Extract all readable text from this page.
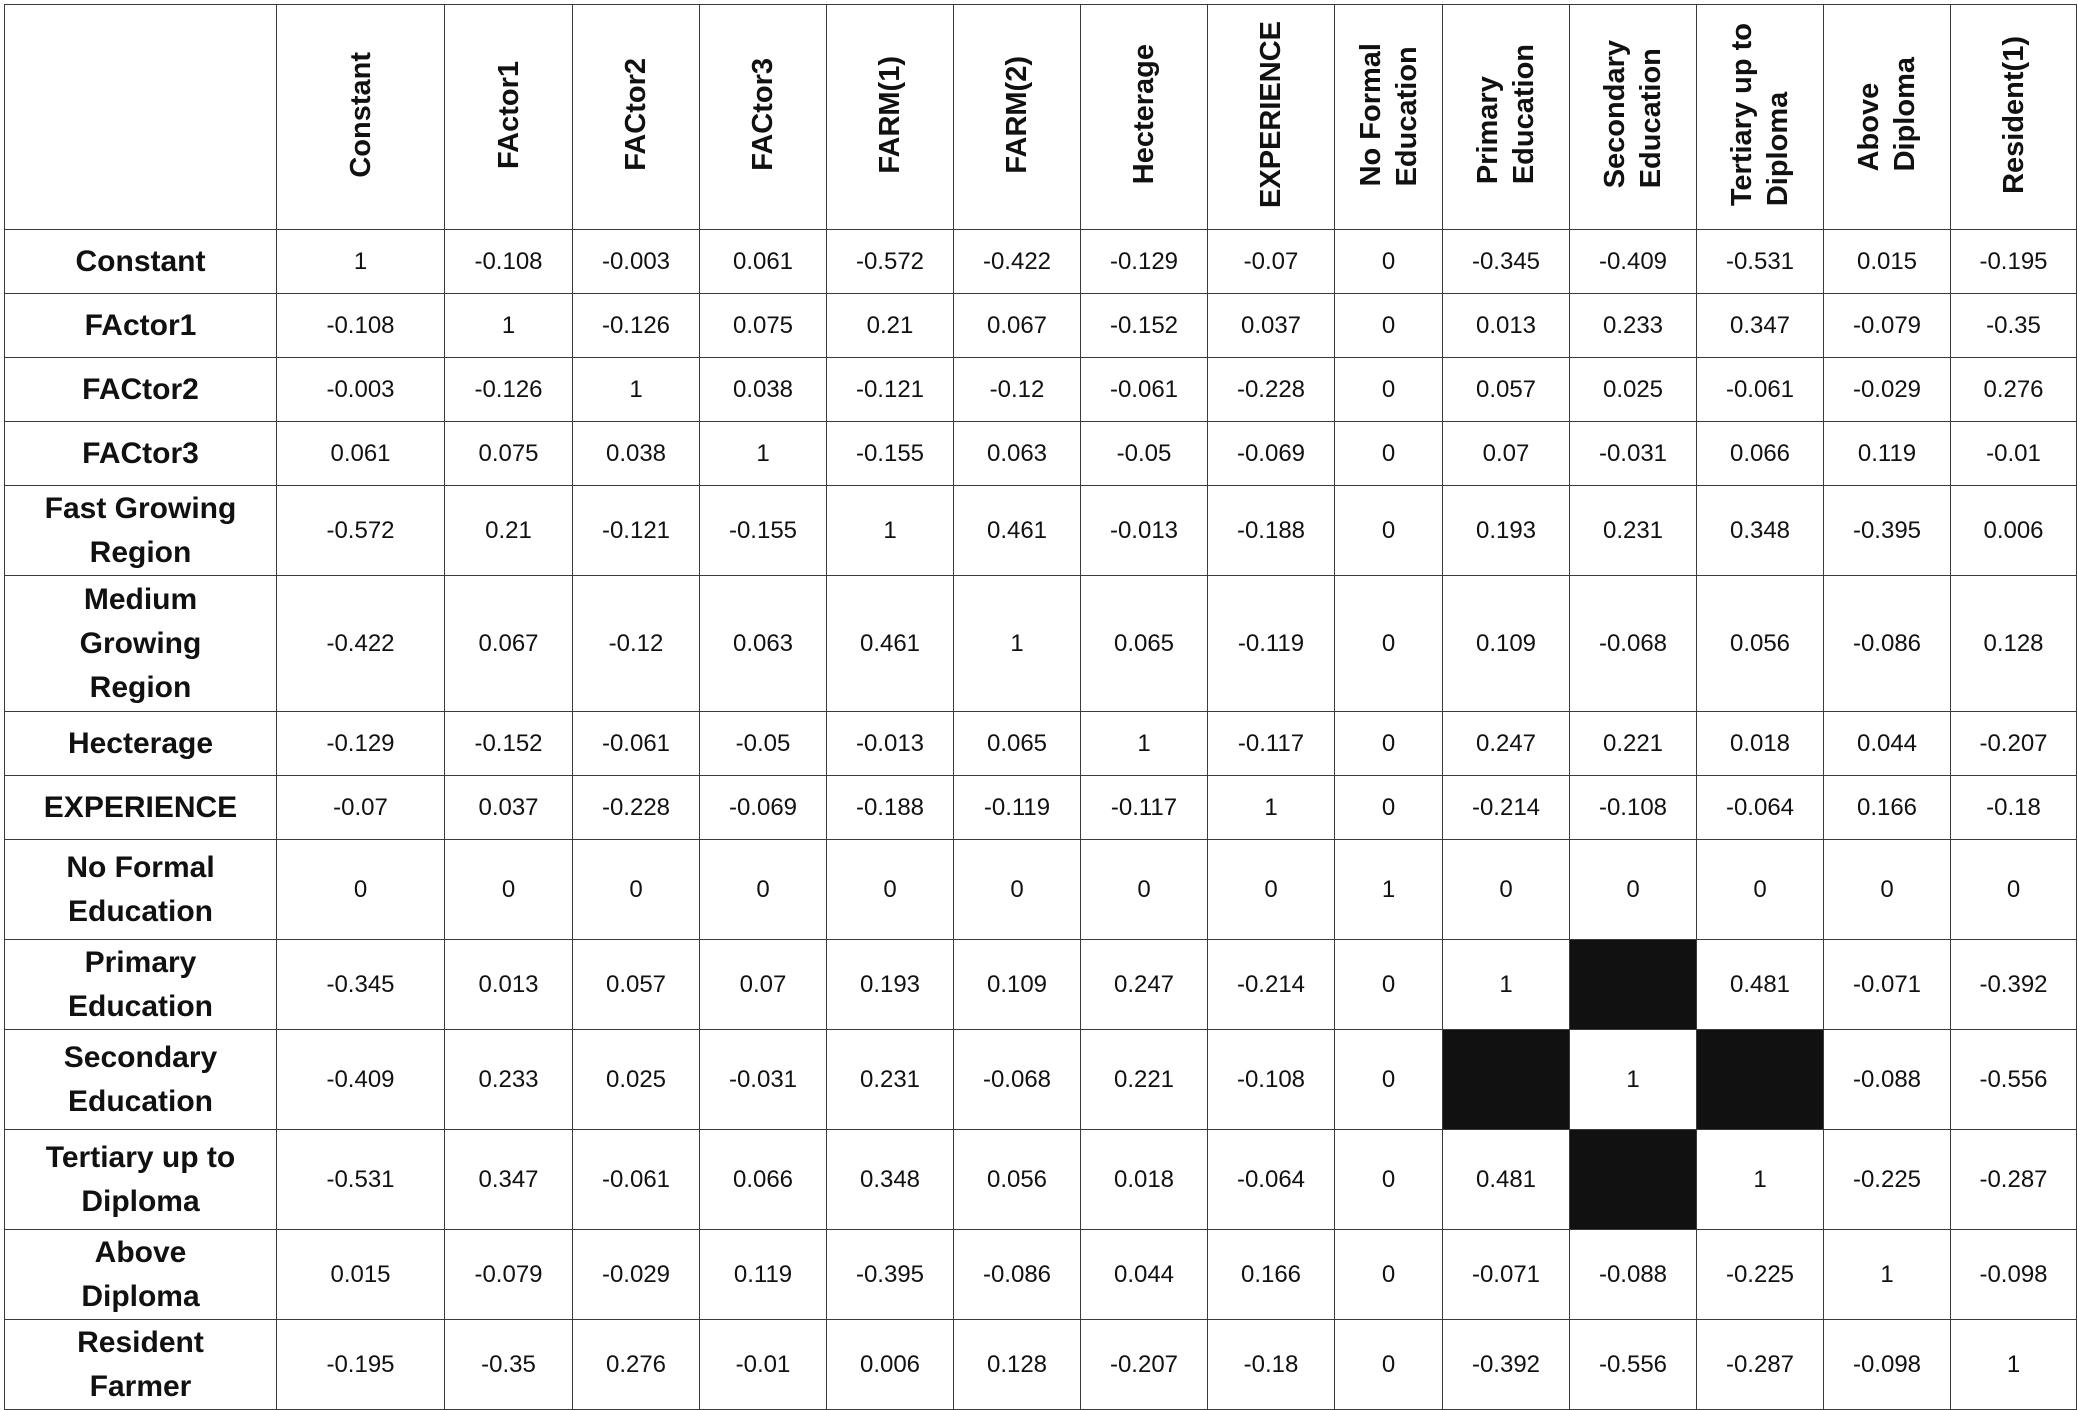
	Constant	FActor1	FACtor2	FACtor3	FARM(1)	FARM(2)	Hecterage	EXPERIENCE	No Formal
Education	Primary
Education	Secondary
Education	Tertiary up to
Diploma	Above
Diploma	Resident(1)
Constant	1	-0.108	-0.003	0.061	-0.572	-0.422	-0.129	-0.07	0	-0.345	-0.409	-0.531	0.015	-0.195
FActor1	-0.108	1	-0.126	0.075	0.21	0.067	-0.152	0.037	0	0.013	0.233	0.347	-0.079	-0.35
FACtor2	-0.003	-0.126	1	0.038	-0.121	-0.12	-0.061	-0.228	0	0.057	0.025	-0.061	-0.029	0.276
FACtor3	0.061	0.075	0.038	1	-0.155	0.063	-0.05	-0.069	0	0.07	-0.031	0.066	0.119	-0.01
Fast Growing
Region	-0.572	0.21	-0.121	-0.155	1	0.461	-0.013	-0.188	0	0.193	0.231	0.348	-0.395	0.006
Medium
Growing
Region	-0.422	0.067	-0.12	0.063	0.461	1	0.065	-0.119	0	0.109	-0.068	0.056	-0.086	0.128
Hecterage	-0.129	-0.152	-0.061	-0.05	-0.013	0.065	1	-0.117	0	0.247	0.221	0.018	0.044	-0.207
EXPERIENCE	-0.07	0.037	-0.228	-0.069	-0.188	-0.119	-0.117	1	0	-0.214	-0.108	-0.064	0.166	-0.18
No Formal
Education	0	0	0	0	0	0	0	0	1	0	0	0	0	0
Primary
Education	-0.345	0.013	0.057	0.07	0.193	0.109	0.247	-0.214	0	1	0.636	0.481	-0.071	-0.392
Secondary
Education	-0.409	0.233	0.025	-0.031	0.231	-0.068	0.221	-0.108	0	0.636	1	0.64	-0.088	-0.556
Tertiary up to
Diploma	-0.531	0.347	-0.061	0.066	0.348	0.056	0.018	-0.064	0	0.481	0.64	1	-0.225	-0.287
Above
Diploma	0.015	-0.079	-0.029	0.119	-0.395	-0.086	0.044	0.166	0	-0.071	-0.088	-0.225	1	-0.098
Resident
Farmer	-0.195	-0.35	0.276	-0.01	0.006	0.128	-0.207	-0.18	0	-0.392	-0.556	-0.287	-0.098	1
